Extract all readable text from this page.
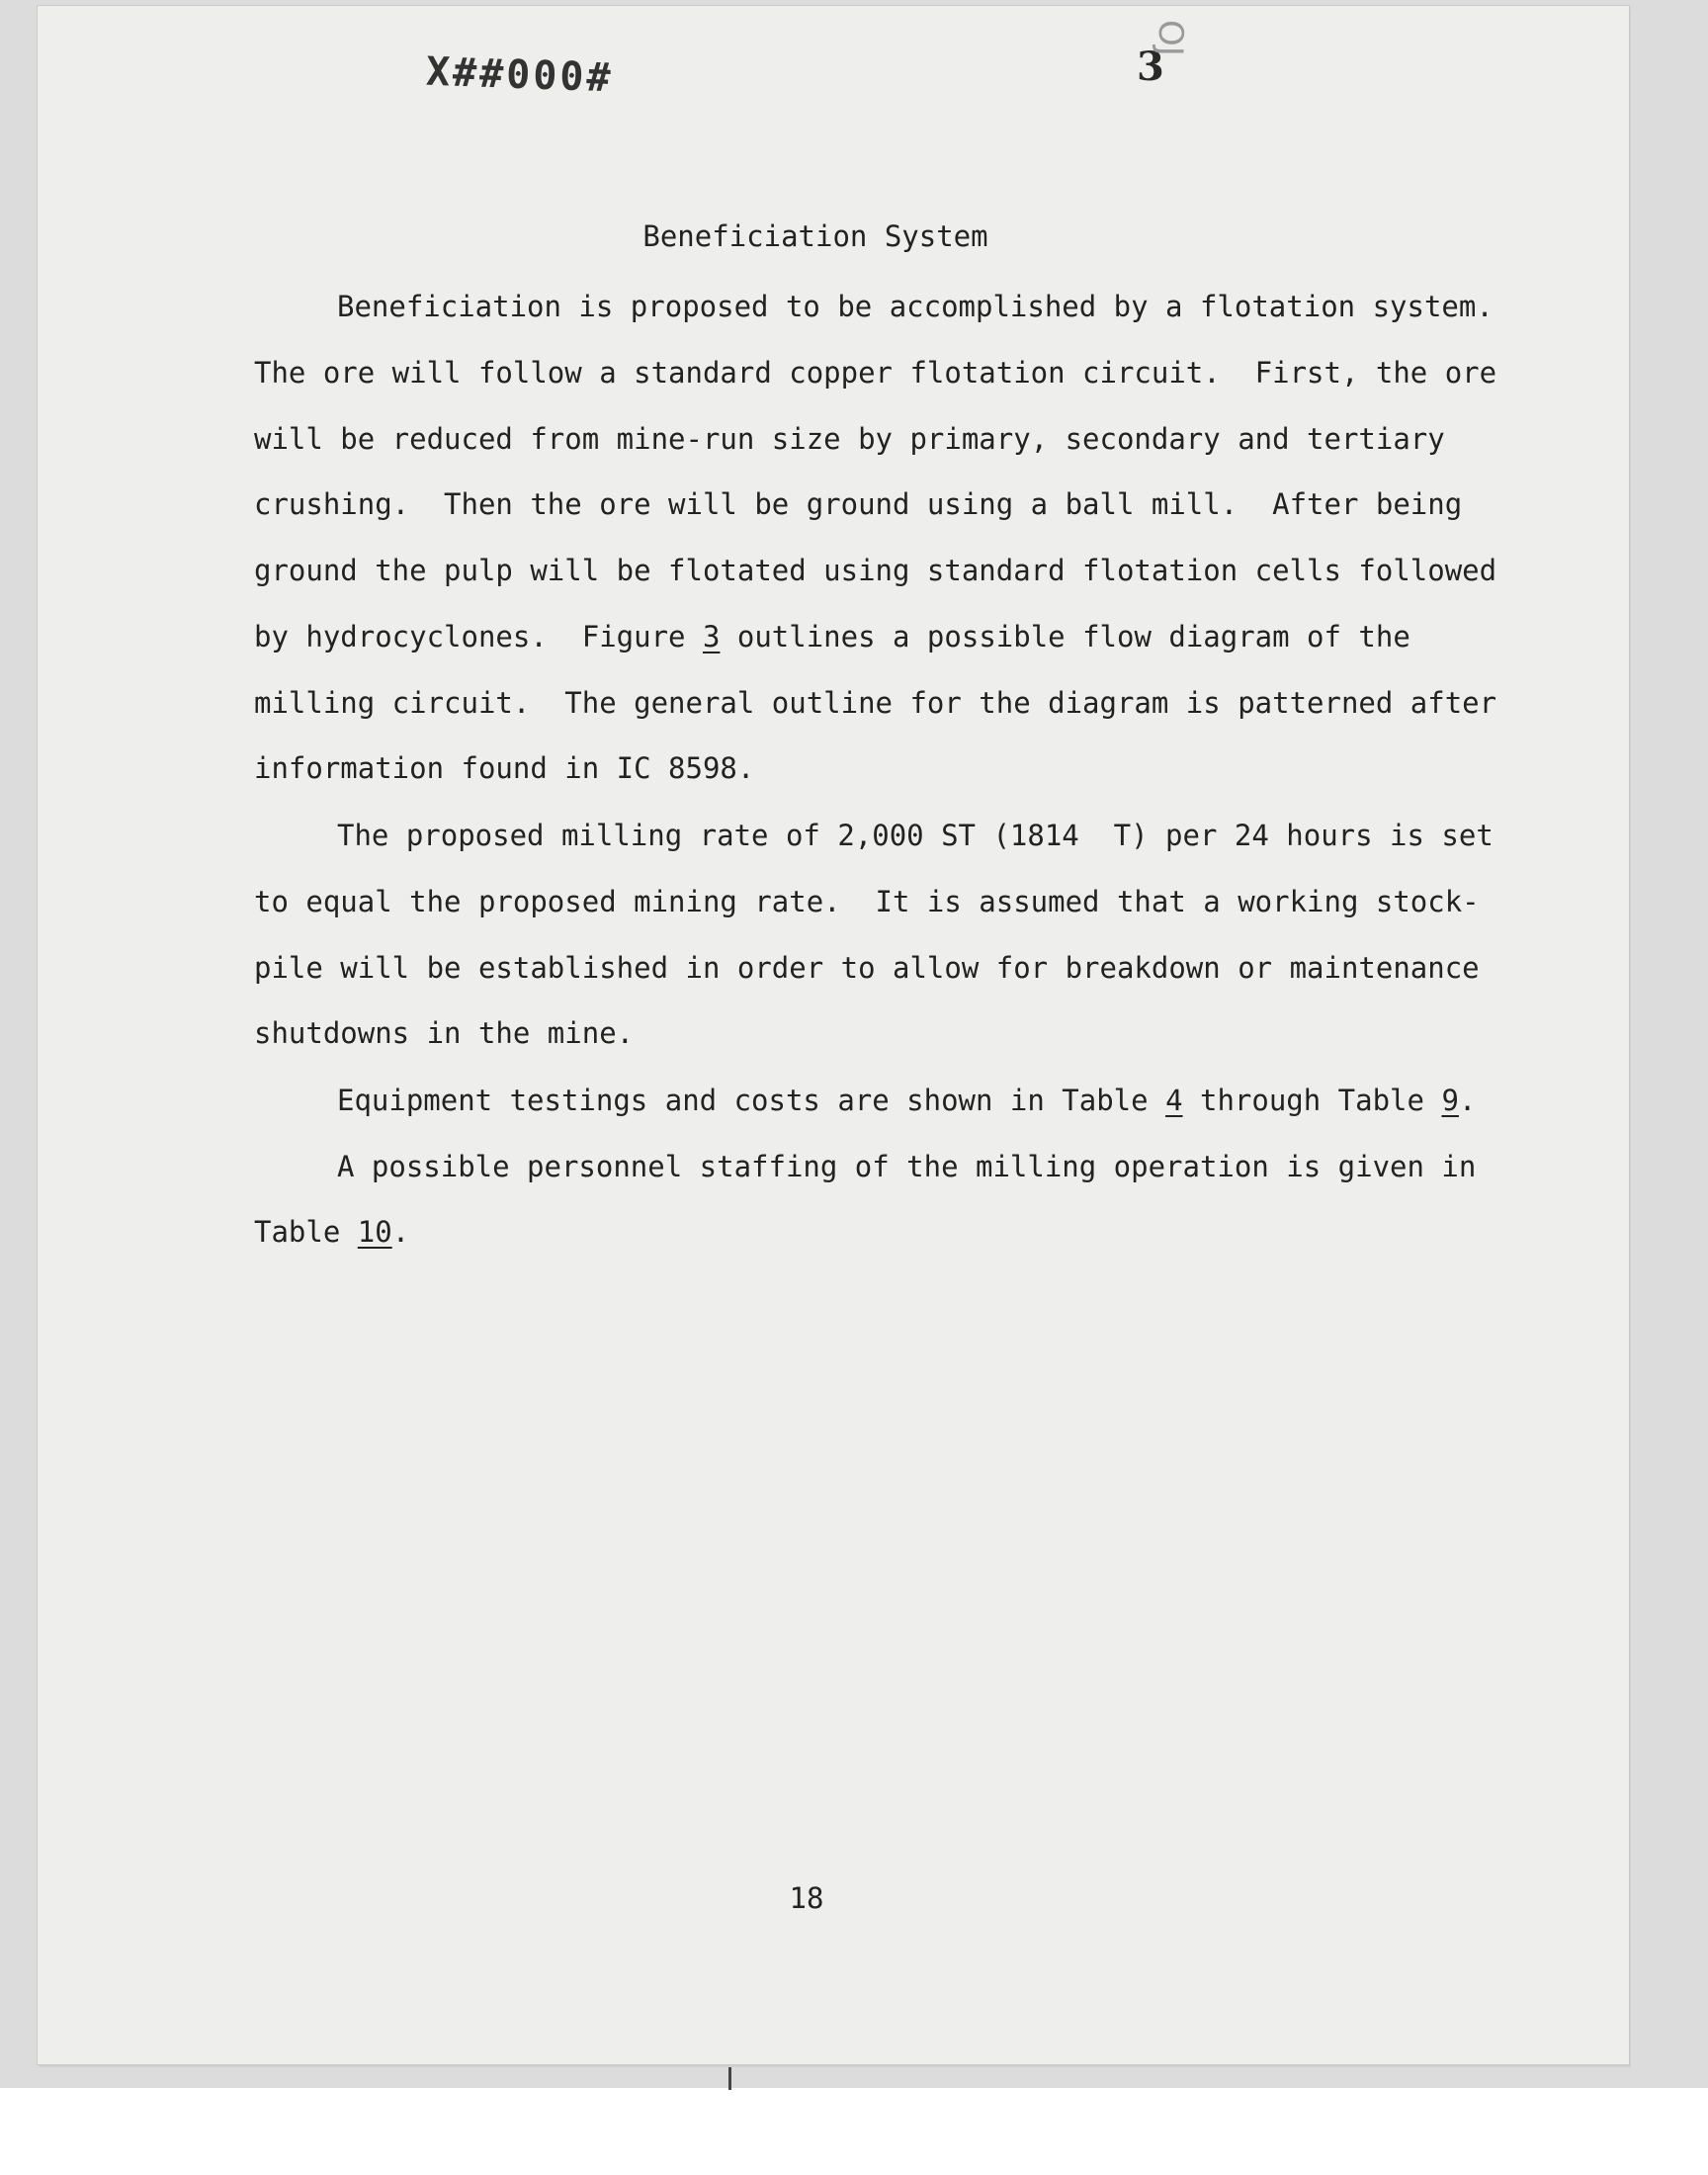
X##000#	3

OJ

Beneficiation System

Beneficiation is proposed to be accomplished by a flotation system.

The ore will follow a standard copper flotation circuit.  First, the ore

will be reduced from mine-run size by primary, secondary and tertiary

crushing.  Then the ore will be ground using a ball mill.  After being

ground the pulp will be flotated using standard flotation cells followed

by hydrocyclones.  Figure 3 outlines a possible flow diagram of the

milling circuit.  The general outline for the diagram is patterned after

information found in IC 8598.

The proposed milling rate of 2,000 ST (1814  T) per 24 hours is set

to equal the proposed mining rate.  It is assumed that a working stock-

pile will be established in order to allow for breakdown or maintenance

shutdowns in the mine.

Equipment testings and costs are shown in Table 4 through Table 9.

A possible personnel staffing of the milling operation is given in

Table 10.

18
